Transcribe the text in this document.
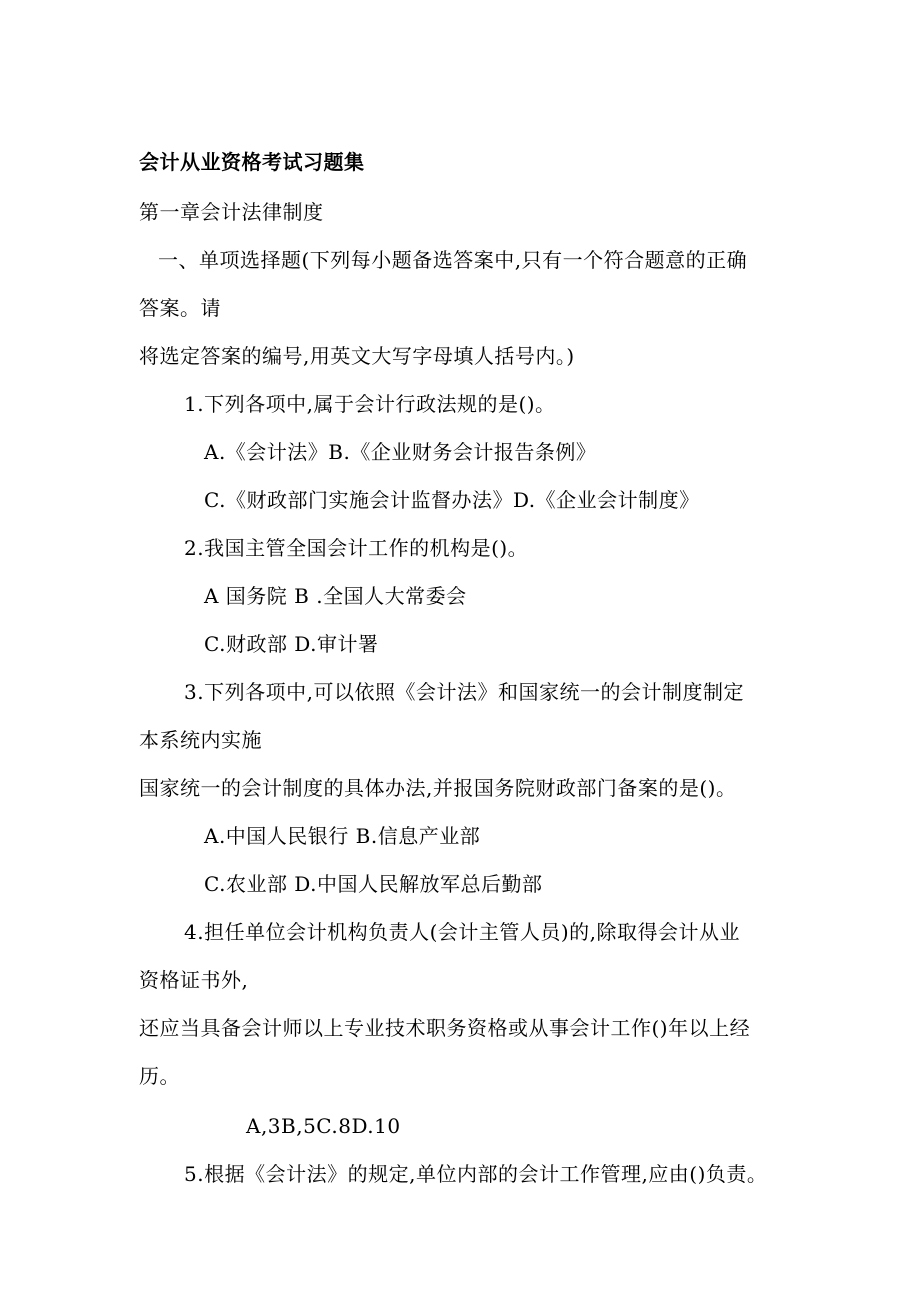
会计从业资格考试习题集
第一章会计法律制度
一、单项选择题(下列每小题备选答案中,只有一个符合题意的正确
答案。请
将选定答案的编号,用英文大写字母填人括号内。)
1.下列各项中,属于会计行政法规的是()。
A.《会计法》B.《企业财务会计报告条例》
C.《财政部门实施会计监督办法》D.《企业会计制度》
2.我国主管全国会计工作的机构是()。
A 国务院 B .全国人大常委会
C.财政部 D.审计署
3.下列各项中,可以依照《会计法》和国家统一的会计制度制定
本系统内实施
国家统一的会计制度的具体办法,并报国务院财政部门备案的是()。
A.中国人民银行 B.信息产业部
C.农业部 D.中国人民解放军总后勤部
4.担任单位会计机构负责人(会计主管人员)的,除取得会计从业
资格证书外,
还应当具备会计师以上专业技术职务资格或从事会计工作()年以上经
历。
A,3B,5C.8D.10
5.根据《会计法》的规定,单位内部的会计工作管理,应由()负责。
